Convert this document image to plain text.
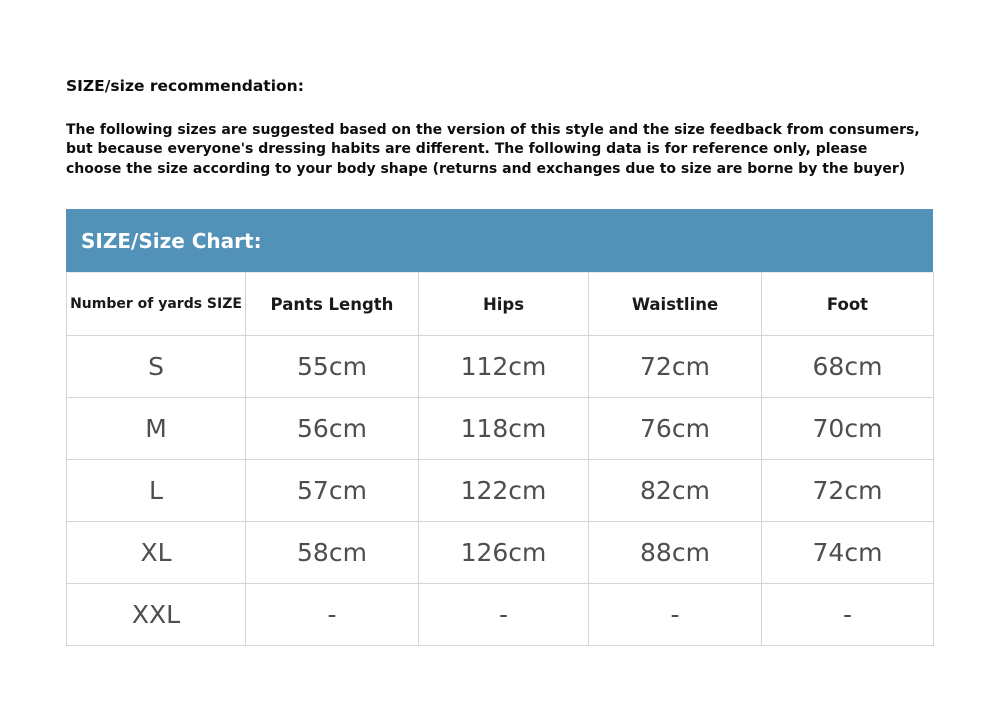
SIZE/size recommendation:
The following sizes are suggested based on the version of this style and the size feedback from consumers,
but because everyone's dressing habits are different. The following data is for reference only, please
choose the size according to your body shape (returns and exchanges due to size are borne by the buyer)
SIZE/Size Chart:
Number of yards SIZE	Pants Length	Hips	Waistline	Foot
S	55cm	112cm	72cm	68cm
M	56cm	118cm	76cm	70cm
L	57cm	122cm	82cm	72cm
XL	58cm	126cm	88cm	74cm
XXL	-	-	-	-
